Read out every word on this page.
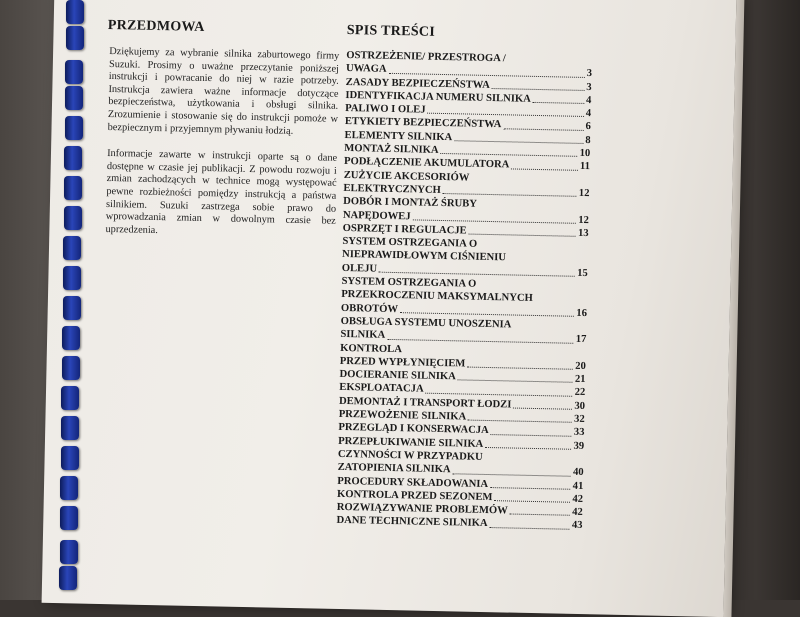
PRZEDMOWA

Dziękujemy za wybranie silnika zaburtowego firmy Suzuki. Prosimy o uważne przeczytanie poniższej instrukcji i powracanie do niej w razie potrzeby. Instrukcja zawiera ważne informacje dotyczące bezpieczeństwa, użytkowania i obsługi silnika. Zrozumienie i stosowanie się do instrukcji pomoże w bezpiecznym i przyjemnym pływaniu łodzią.

Informacje zawarte w instrukcji oparte są o dane dostępne w czasie jej publikacji. Z powodu rozwoju i zmian zachodzących w technice mogą występować pewne rozbieżności pomiędzy instrukcją a państwa silnikiem. Suzuki zastrzega sobie prawo do wprowadzania zmian w dowolnym czasie bez uprzedzenia.

SPIS TREŚCI
OSTRZEŻENIE/ PRZESTROGA /
UWAGA	3
ZASADY BEZPIECZEŃSTWA	3
IDENTYFIKACJA NUMERU SILNIKA	4
PALIWO I OLEJ	4
ETYKIETY BEZPIECZEŃSTWA	6
ELEMENTY SILNIKA	8
MONTAŻ SILNIKA	10
PODŁĄCZENIE AKUMULATORA	11
ZUŻYCIE AKCESORIÓW
ELEKTRYCZNYCH	12
DOBÓR I MONTAŻ ŚRUBY
NAPĘDOWEJ	12
OSPRZĘT I REGULACJE	13
SYSTEM OSTRZEGANIA O
NIEPRAWIDŁOWYM CIŚNIENIU
OLEJU	15
SYSTEM OSTRZEGANIA O
PRZEKROCZENIU MAKSYMALNYCH
OBROTÓW	16
OBSŁUGA SYSTEMU UNOSZENIA
SILNIKA	17
KONTROLA
PRZED WYPŁYNIĘCIEM	20
DOCIERANIE SILNIKA	21
EKSPLOATACJA	22
DEMONTAŻ I TRANSPORT ŁODZI	30
PRZEWOŻENIE SILNIKA	32
PRZEGLĄD I KONSERWACJA	33
PRZEPŁUKIWANIE SILNIKA	39
CZYNNOŚCI W PRZYPADKU
ZATOPIENIA SILNIKA	40
PROCEDURY SKŁADOWANIA	41
KONTROLA PRZED SEZONEM	42
ROZWIĄZYWANIE PROBLEMÓW	42
DANE TECHNICZNE SILNIKA	43
